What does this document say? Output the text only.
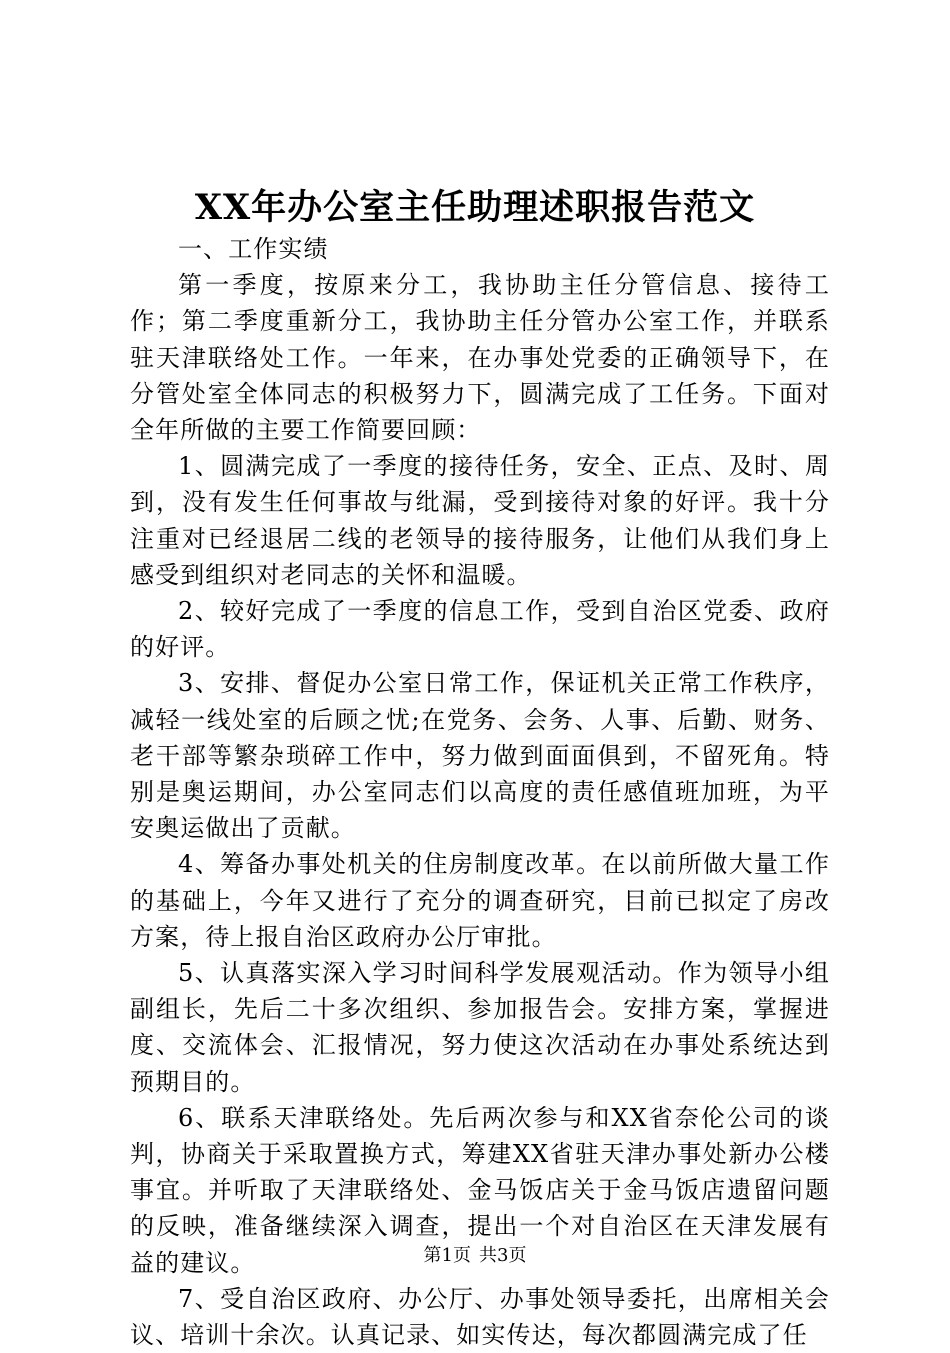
XX年办公室主任助理述职报告范文

一、工作实绩

第一季度，按原来分工，我协助主任分管信息、接待工作；第二季度重新分工，我协助主任分管办公室工作，并联系驻天津联络处工作。一年来，在办事处党委的正确领导下，在分管处室全体同志的积极努力下，圆满完成了工任务。下面对全年所做的主要工作简要回顾：

1、圆满完成了一季度的接待任务，安全、正点、及时、周到，没有发生任何事故与纰漏，受到接待对象的好评。我十分注重对已经退居二线的老领导的接待服务，让他们从我们身上感受到组织对老同志的关怀和温暖。

2、较好完成了一季度的信息工作，受到自治区党委、政府的好评。

3、安排、督促办公室日常工作，保证机关正常工作秩序，减轻一线处室的后顾之忧;在党务、会务、人事、后勤、财务、老干部等繁杂琐碎工作中，努力做到面面俱到，不留死角。特别是奥运期间，办公室同志们以高度的责任感值班加班，为平安奥运做出了贡献。

4、筹备办事处机关的住房制度改革。在以前所做大量工作的基础上，今年又进行了充分的调查研究，目前已拟定了房改方案，待上报自治区政府办公厅审批。

5、认真落实深入学习时间科学发展观活动。作为领导小组副组长，先后二十多次组织、参加报告会。安排方案，掌握进度、交流体会、汇报情况，努力使这次活动在办事处系统达到预期目的。

6、联系天津联络处。先后两次参与和XX省奈伦公司的谈判，协商关于采取置换方式，筹建XX省驻天津办事处新办公楼事宜。并听取了天津联络处、金马饭店关于金马饭店遗留问题的反映，准备继续深入调查，提出一个对自治区在天津发展有益的建议。

7、受自治区政府、办公厅、办事处领导委托，出席相关会议、培训十余次。认真记录、如实传达，每次都圆满完成了任

第1页 共3页
